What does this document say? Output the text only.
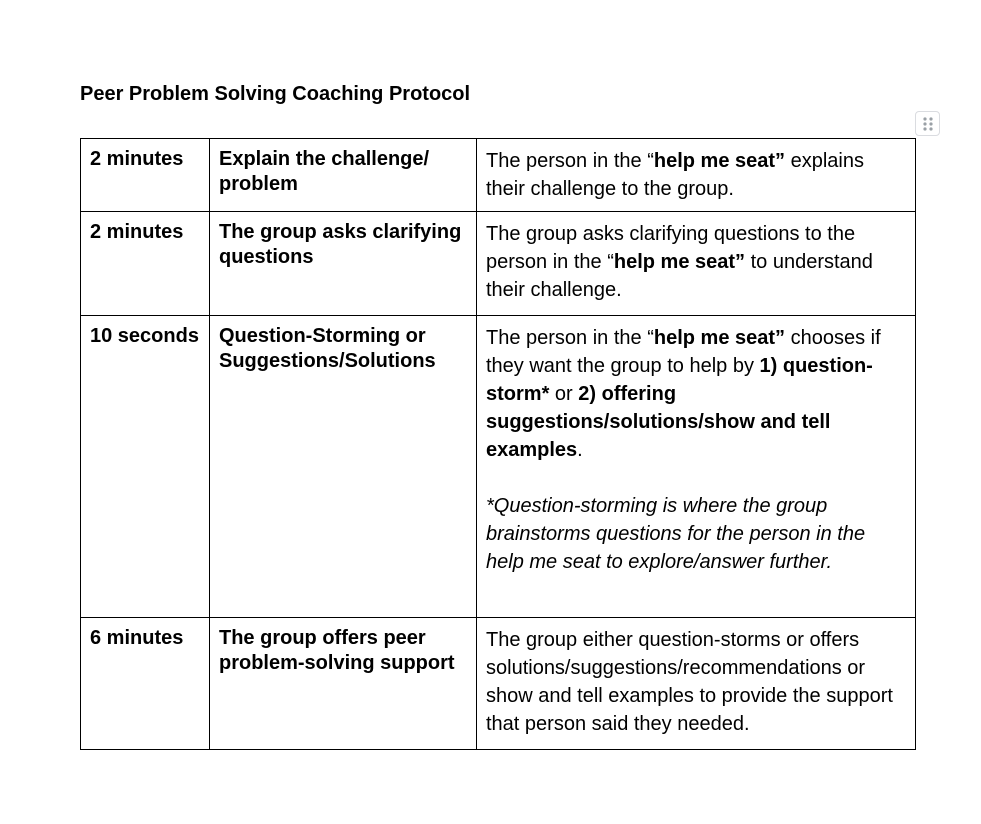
Peer Problem Solving Coaching Protocol
2 minutes	Explain the challenge/ problem	The person in the “help me seat” explains their challenge to the group.
2 minutes	The group asks clarifying questions	The group asks clarifying questions to the person in the “help me seat” to understand their challenge.
10 seconds	Question-Storming or Suggestions/Solutions	The person in the “help me seat” chooses if they want the group to help by 1) question-storm* or 2) offering suggestions/solutions/show and tell examples.
*Question-storming is where the group brainstorms questions for the person in the help me seat to explore/answer further.

6 minutes	The group offers peer problem-solving support	The group either question-storms or offers solutions/suggestions/recommendations or show and tell examples to provide the support that person said they needed.
